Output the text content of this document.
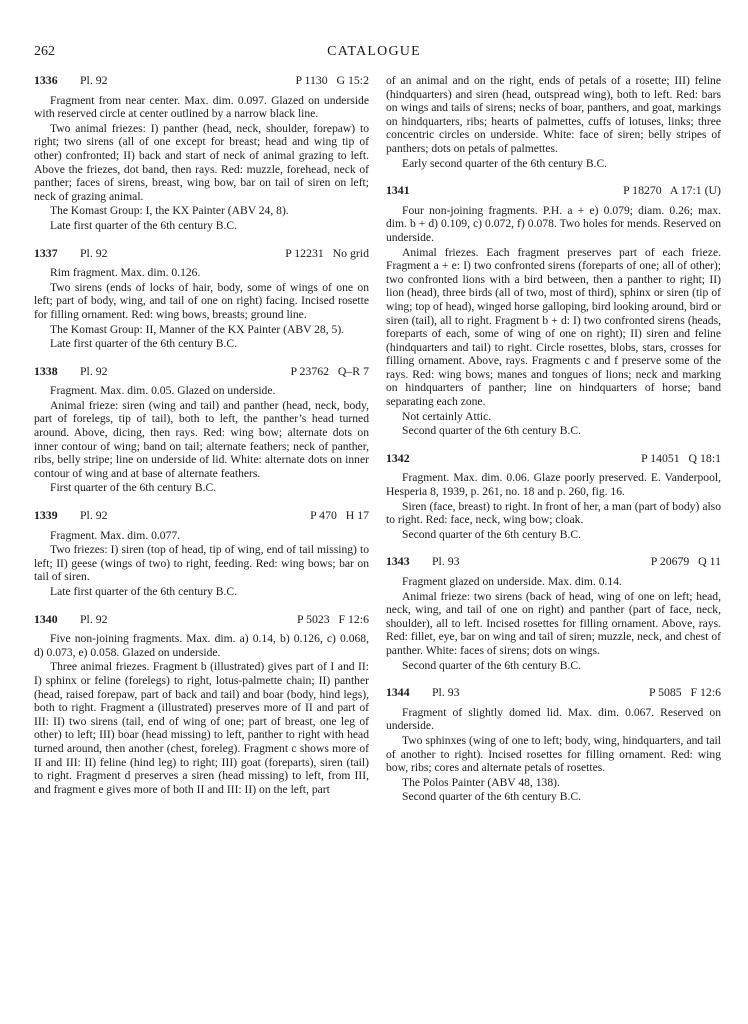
262	CATALOGUE
1336	Pl. 92	P 1130   G 15:2

Fragment from near center. Max. dim. 0.097. Glazed on underside with reserved circle at center outlined by a narrow black line.

Two animal friezes: I) panther (head, neck, shoulder, forepaw) to right; two sirens (all of one except for breast; head and wing tip of other) confronted; II) back and start of neck of animal grazing to left. Above the friezes, dot band, then rays. Red: muzzle, forehead, neck of panther; faces of sirens, breast, wing bow, bar on tail of siren on left; neck of grazing animal.

The Komast Group: I, the KX Painter (ABV 24, 8).

Late first quarter of the 6th century B.C.

1337	Pl. 92	P 12231   No grid

Rim fragment. Max. dim. 0.126.

Two sirens (ends of locks of hair, body, some of wings of one on left; part of body, wing, and tail of one on right) facing. Incised rosette for filling ornament. Red: wing bows, breasts; ground line.

The Komast Group: II, Manner of the KX Painter (ABV 28, 5).

Late first quarter of the 6th century B.C.

1338	Pl. 92	P 23762   Q–R 7

Fragment. Max. dim. 0.05. Glazed on underside.

Animal frieze: siren (wing and tail) and panther (head, neck, body, part of forelegs, tip of tail), both to left, the panther’s head turned around. Above, dicing, then rays. Red: wing bow; alternate dots on inner contour of wing; band on tail; alternate feathers; neck of panther, ribs, belly stripe; line on underside of lid. White: alternate dots on inner contour of wing and at base of alternate feathers.

First quarter of the 6th century B.C.

1339	Pl. 92	P 470   H 17

Fragment. Max. dim. 0.077.

Two friezes: I) siren (top of head, tip of wing, end of tail missing) to left; II) geese (wings of two) to right, feeding. Red: wing bows; bar on tail of siren.

Late first quarter of the 6th century B.C.

1340	Pl. 92	P 5023   F 12:6

Five non-joining fragments. Max. dim. a) 0.14, b) 0.126, c) 0.068, d) 0.073, e) 0.058. Glazed on underside.

Three animal friezes. Fragment b (illustrated) gives part of I and II: I) sphinx or feline (forelegs) to right, lotus-palmette chain; II) panther (head, raised forepaw, part of back and tail) and boar (body, hind legs), both to right. Fragment a (illustrated) preserves more of II and part of III: II) two sirens (tail, end of wing of one; part of breast, one leg of other) to left; III) boar (head missing) to left, panther to right with head turned around, then another (chest, foreleg). Fragment c shows more of II and III: II) feline (hind leg) to right; III) goat (foreparts), siren (tail) to right. Fragment d preserves a siren (head missing) to left, from III, and fragment e gives more of both II and III: II) on the left, part

of an animal and on the right, ends of petals of a rosette; III) feline (hindquarters) and siren (head, outspread wing), both to left. Red: bars on wings and tails of sirens; necks of boar, panthers, and goat, markings on hindquarters, ribs; hearts of palmettes, cuffs of lotuses, links; three concentric circles on underside. White: face of siren; belly stripes of panthers; dots on petals of palmettes.

Early second quarter of the 6th century B.C.

1341	P 18270   A 17:1 (U)

Four non-joining fragments. P.H. a + e) 0.079; diam. 0.26; max. dim. b + d) 0.109, c) 0.072, f) 0.078. Two holes for mends. Reserved on underside.

Animal friezes. Each fragment preserves part of each frieze. Fragment a + e: I) two confronted sirens (foreparts of one; all of other); two confronted lions with a bird between, then a panther to right; II) lion (head), three birds (all of two, most of third), sphinx or siren (tip of wing; top of head), winged horse galloping, bird looking around, bird or siren (tail), all to right. Fragment b + d: I) two confronted sirens (heads, foreparts of each, some of wing of one on right); II) siren and feline (hindquarters and tail) to right. Circle rosettes, blobs, stars, crosses for filling ornament. Above, rays. Fragments c and f preserve some of the rays. Red: wing bows; manes and tongues of lions; neck and marking on hindquarters of panther; line on hindquarters of horse; band separating each zone.

Not certainly Attic.

Second quarter of the 6th century B.C.

1342	P 14051   Q 18:1

Fragment. Max. dim. 0.06. Glaze poorly preserved. E. Vanderpool, Hesperia 8, 1939, p. 261, no. 18 and p. 260, fig. 16.

Siren (face, breast) to right. In front of her, a man (part of body) also to right. Red: face, neck, wing bow; cloak.

Second quarter of the 6th century B.C.

1343	Pl. 93	P 20679   Q 11

Fragment glazed on underside. Max. dim. 0.14.

Animal frieze: two sirens (back of head, wing of one on left; head, neck, wing, and tail of one on right) and panther (part of face, neck, shoulder), all to left. Incised rosettes for filling ornament. Above, rays. Red: fillet, eye, bar on wing and tail of siren; muzzle, neck, and chest of panther. White: faces of sirens; dots on wings.

Second quarter of the 6th century B.C.

1344	Pl. 93	P 5085   F 12:6

Fragment of slightly domed lid. Max. dim. 0.067. Reserved on underside.

Two sphinxes (wing of one to left; body, wing, hindquarters, and tail of another to right). Incised rosettes for filling ornament. Red: wing bow, ribs; cores and alternate petals of rosettes.

The Polos Painter (ABV 48, 138).

Second quarter of the 6th century B.C.
